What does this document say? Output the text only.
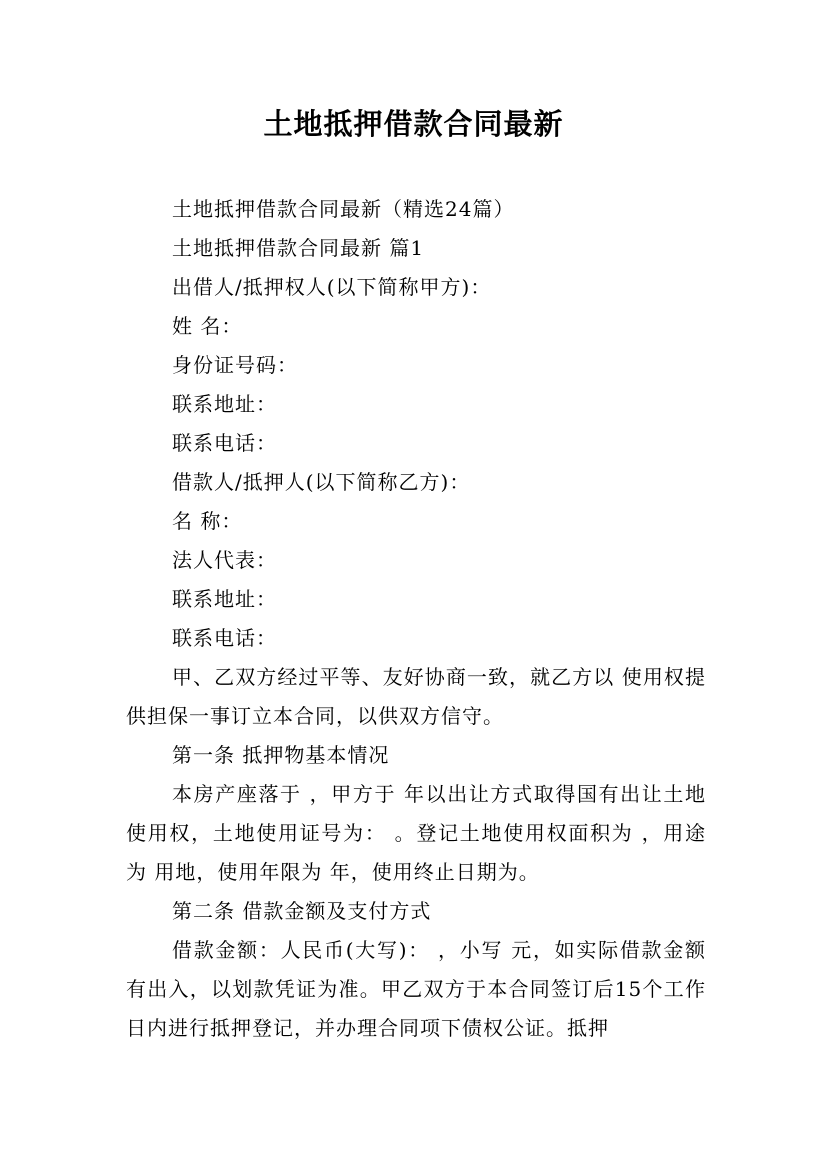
土地抵押借款合同最新

土地抵押借款合同最新（精选24篇）

土地抵押借款合同最新 篇1

出借人/抵押权人(以下简称甲方)：

姓 名：

身份证号码：

联系地址：

联系电话：

借款人/抵押人(以下简称乙方)：

名 称：

法人代表：

联系地址：

联系电话：

甲、乙双方经过平等、友好协商一致，就乙方以 使用权提供担保一事订立本合同，以供双方信守。

第一条 抵押物基本情况

本房产座落于 ，甲方于 年以出让方式取得国有出让土地使用权，土地使用证号为： 。登记土地使用权面积为 ，用途为 用地，使用年限为 年，使用终止日期为。

第二条 借款金额及支付方式

借款金额：人民币(大写)： ，小写 元，如实际借款金额有出入，以划款凭证为准。甲乙双方于本合同签订后15个工作日内进行抵押登记，并办理合同项下债权公证。抵押
